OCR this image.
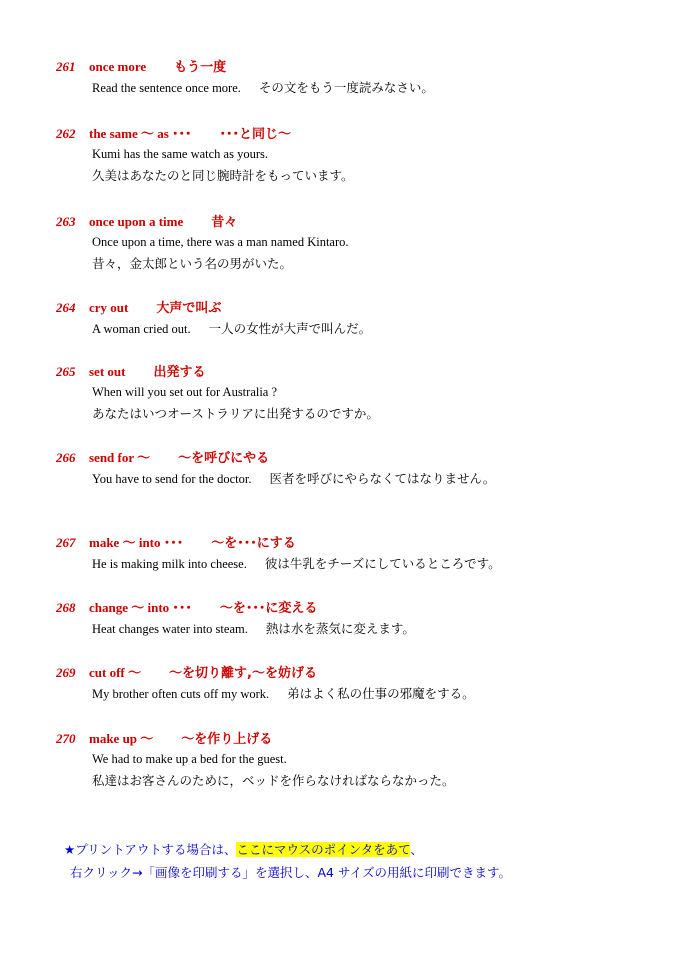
261 once more もう一度
Read the sentence once more. その文をもう一度読みなさい。
262 the same ～ as ･･･ ･･･と同じ～
Kumi has the same watch as yours.
久美はあなたのと同じ腕時計をもっています。
263 once upon a time 昔々
Once upon a time, there was a man named Kintaro.
昔々，金太郎という名の男がいた。
264 cry out 大声で叫ぶ
A woman cried out. 一人の女性が大声で叫んだ。
265 set out 出発する
When will you set out for Australia ?
あなたはいつオーストラリアに出発するのですか。
266 send for ～ ～を呼びにやる
You have to send for the doctor. 医者を呼びにやらなくてはなりません。
267 make ～ into ･･･ ～を･･･にする
He is making milk into cheese. 彼は牛乳をチーズにしているところです。
268 change ～ into ･･･ ～を･･･に変える
Heat changes water into steam. 熱は水を蒸気に変えます。
269 cut off ～ ～を切り離す,～を妨げる
My brother often cuts off my work. 弟はよく私の仕事の邪魔をする。
270 make up ～ ～を作り上げる
We had to make up a bed for the guest.
私達はお客さんのために，ベッドを作らなければならなかった。
★プリントアウトする場合は、ここにマウスのポインタをあて、
右クリック→「画像を印刷する」を選択し、A4 サイズの用紙に印刷できます。
